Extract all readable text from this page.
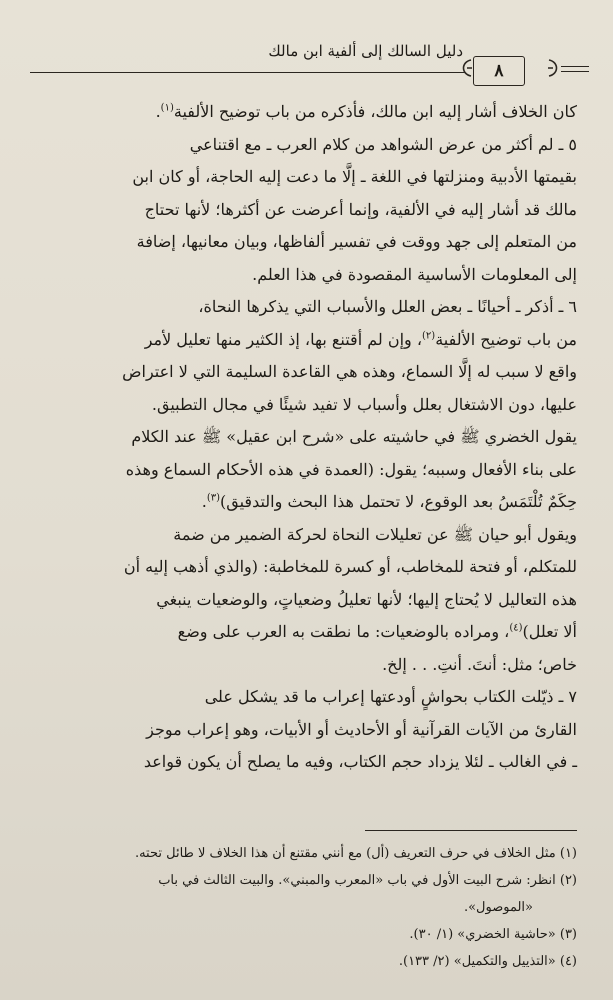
دليل السالك إلى ألفية ابن مالك
٨

كان الخلاف أشار إليه ابن مالك، فأذكره من باب توضيح الألفية$^{(١)}$.

٥ ـ لم أكثر من عرض الشواهد من كلام العرب ـ مع اقتناعي

بقيمتها الأدبية ومنزلتها في اللغة ـ إلَّا ما دعت إليه الحاجة، أو كان ابن

مالك قد أشار إليه في الألفية، وإنما أعرضت عن أكثرها؛ لأنها تحتاج

من المتعلم إلى جهد ووقت في تفسير ألفاظها، وبيان معانيها، إضافة

إلى المعلومات الأساسية المقصودة في هذا العلم.

٦ ـ أذكر ـ أحيانًا ـ بعض العلل والأسباب التي يذكرها النحاة،

من باب توضيح الألفية$^{(٢)}$، وإن لم أقتنع بها، إذ الكثير منها تعليل لأمر

واقع لا سبب له إلَّا السماع، وهذه هي القاعدة السليمة التي لا اعتراض

عليها، دون الاشتغال بعلل وأسباب لا تفيد شيئًا في مجال التطبيق.

يقول الخضري ﷺ في حاشيته على «شرح ابن عقيل» ﷺ عند الكلام

على بناء الأفعال وسببه؛ يقول: (العمدة في هذه الأحكام السماع وهذه

حِكَمٌ تُلْتَمَسُ بعد الوقوع، لا تحتمل هذا البحث والتدقيق)$^{(٣)}$.

ويقول أبو حيان ﷺ عن تعليلات النحاة لحركة الضمير من ضمة

للمتكلم، أو فتحة للمخاطب، أو كسرة للمخاطبة: (والذي أذهب إليه أن

هذه التعاليل لا يُحتاج إليها؛ لأنها تعليلُ وضعياتٍ، والوضعيات ينبغي

ألا تعلل)$^{(٤)}$، ومراده بالوضعيات: ما نطقت به العرب على وضع

خاص؛ مثل: أنتَ. أنتِ. . . إلخ.

٧ ـ ذيّلت الكتاب بحواشٍ أودعتها إعراب ما قد يشكل على

القارئ من الآيات القرآنية أو الأحاديث أو الأبيات، وهو إعراب موجز

ـ في الغالب ـ لئلا يزداد حجم الكتاب، وفيه ما يصلح أن يكون قواعد

(١) مثل الخلاف في حرف التعريف (أل) مع أنني مقتنع أن هذا الخلاف لا طائل تحته.

(٢) انظر: شرح البيت الأول في باب «المعرب والمبني». والبيت الثالث في باب

«الموصول».

(٣) «حاشية الخضري» (١/ ٣٠).

(٤) «التذييل والتكميل» (٢/ ١٣٣).
